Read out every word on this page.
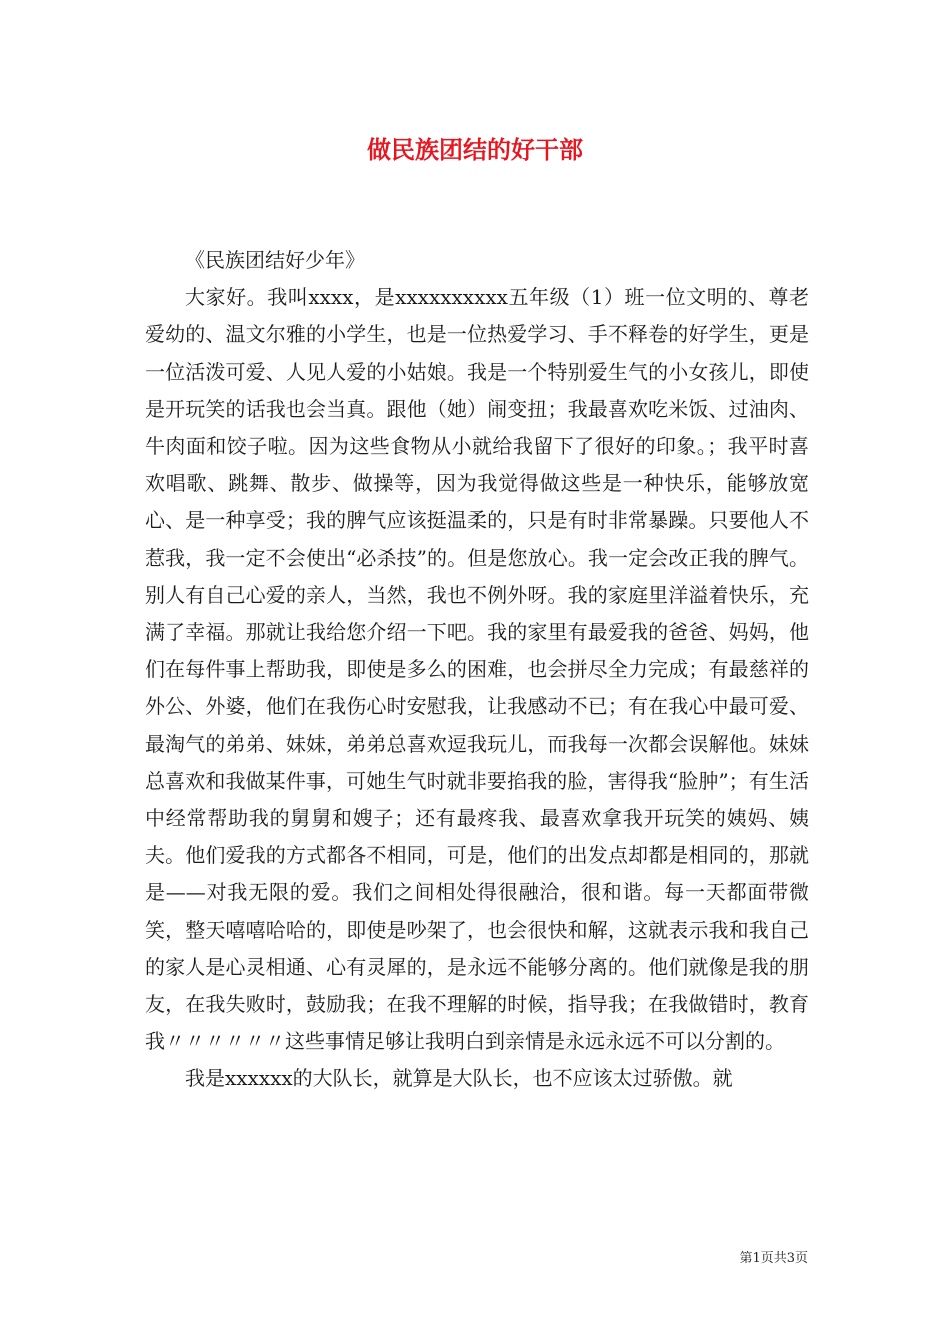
做民族团结的好干部

《民族团结好少年》

大家好。我叫xxxx，是xxxxxxxxxx五年级（1）班一位文明的、尊老爱幼的、温文尔雅的小学生，也是一位热爱学习、手不释卷的好学生，更是一位活泼可爱、人见人爱的小姑娘。我是一个特别爱生气的小女孩儿，即使是开玩笑的话我也会当真。跟他（她）闹变扭；我最喜欢吃米饭、过油肉、牛肉面和饺子啦。因为这些食物从小就给我留下了很好的印象。；我平时喜欢唱歌、跳舞、散步、做操等，因为我觉得做这些是一种快乐，能够放宽心、是一种享受；我的脾气应该挺温柔的，只是有时非常暴躁。只要他人不惹我，我一定不会使出“必杀技”的。但是您放心。我一定会改正我的脾气。别人有自己心爱的亲人，当然，我也不例外呀。我的家庭里洋溢着快乐，充满了幸福。那就让我给您介绍一下吧。我的家里有最爱我的爸爸、妈妈，他们在每件事上帮助我，即使是多么的困难，也会拼尽全力完成；有最慈祥的外公、外婆，他们在我伤心时安慰我，让我感动不已；有在我心中最可爱、最淘气的弟弟、妹妹，弟弟总喜欢逗我玩儿，而我每一次都会误解他。妹妹总喜欢和我做某件事，可她生气时就非要掐我的脸，害得我“脸肿”；有生活中经常帮助我的舅舅和嫂子；还有最疼我、最喜欢拿我开玩笑的姨妈、姨夫。他们爱我的方式都各不相同，可是，他们的出发点却都是相同的，那就是——对我无限的爱。我们之间相处得很融洽，很和谐。每一天都面带微笑，整天嘻嘻哈哈的，即使是吵架了，也会很快和解，这就表示我和我自己的家人是心灵相通、心有灵犀的，是永远不能够分离的。他们就像是我的朋友，在我失败时，鼓励我；在我不理解的时候，指导我；在我做错时，教育我〃〃〃〃〃〃这些事情足够让我明白到亲情是永远永远不可以分割的。

我是xxxxxx的大队长，就算是大队长，也不应该太过骄傲。就

第1页共3页
